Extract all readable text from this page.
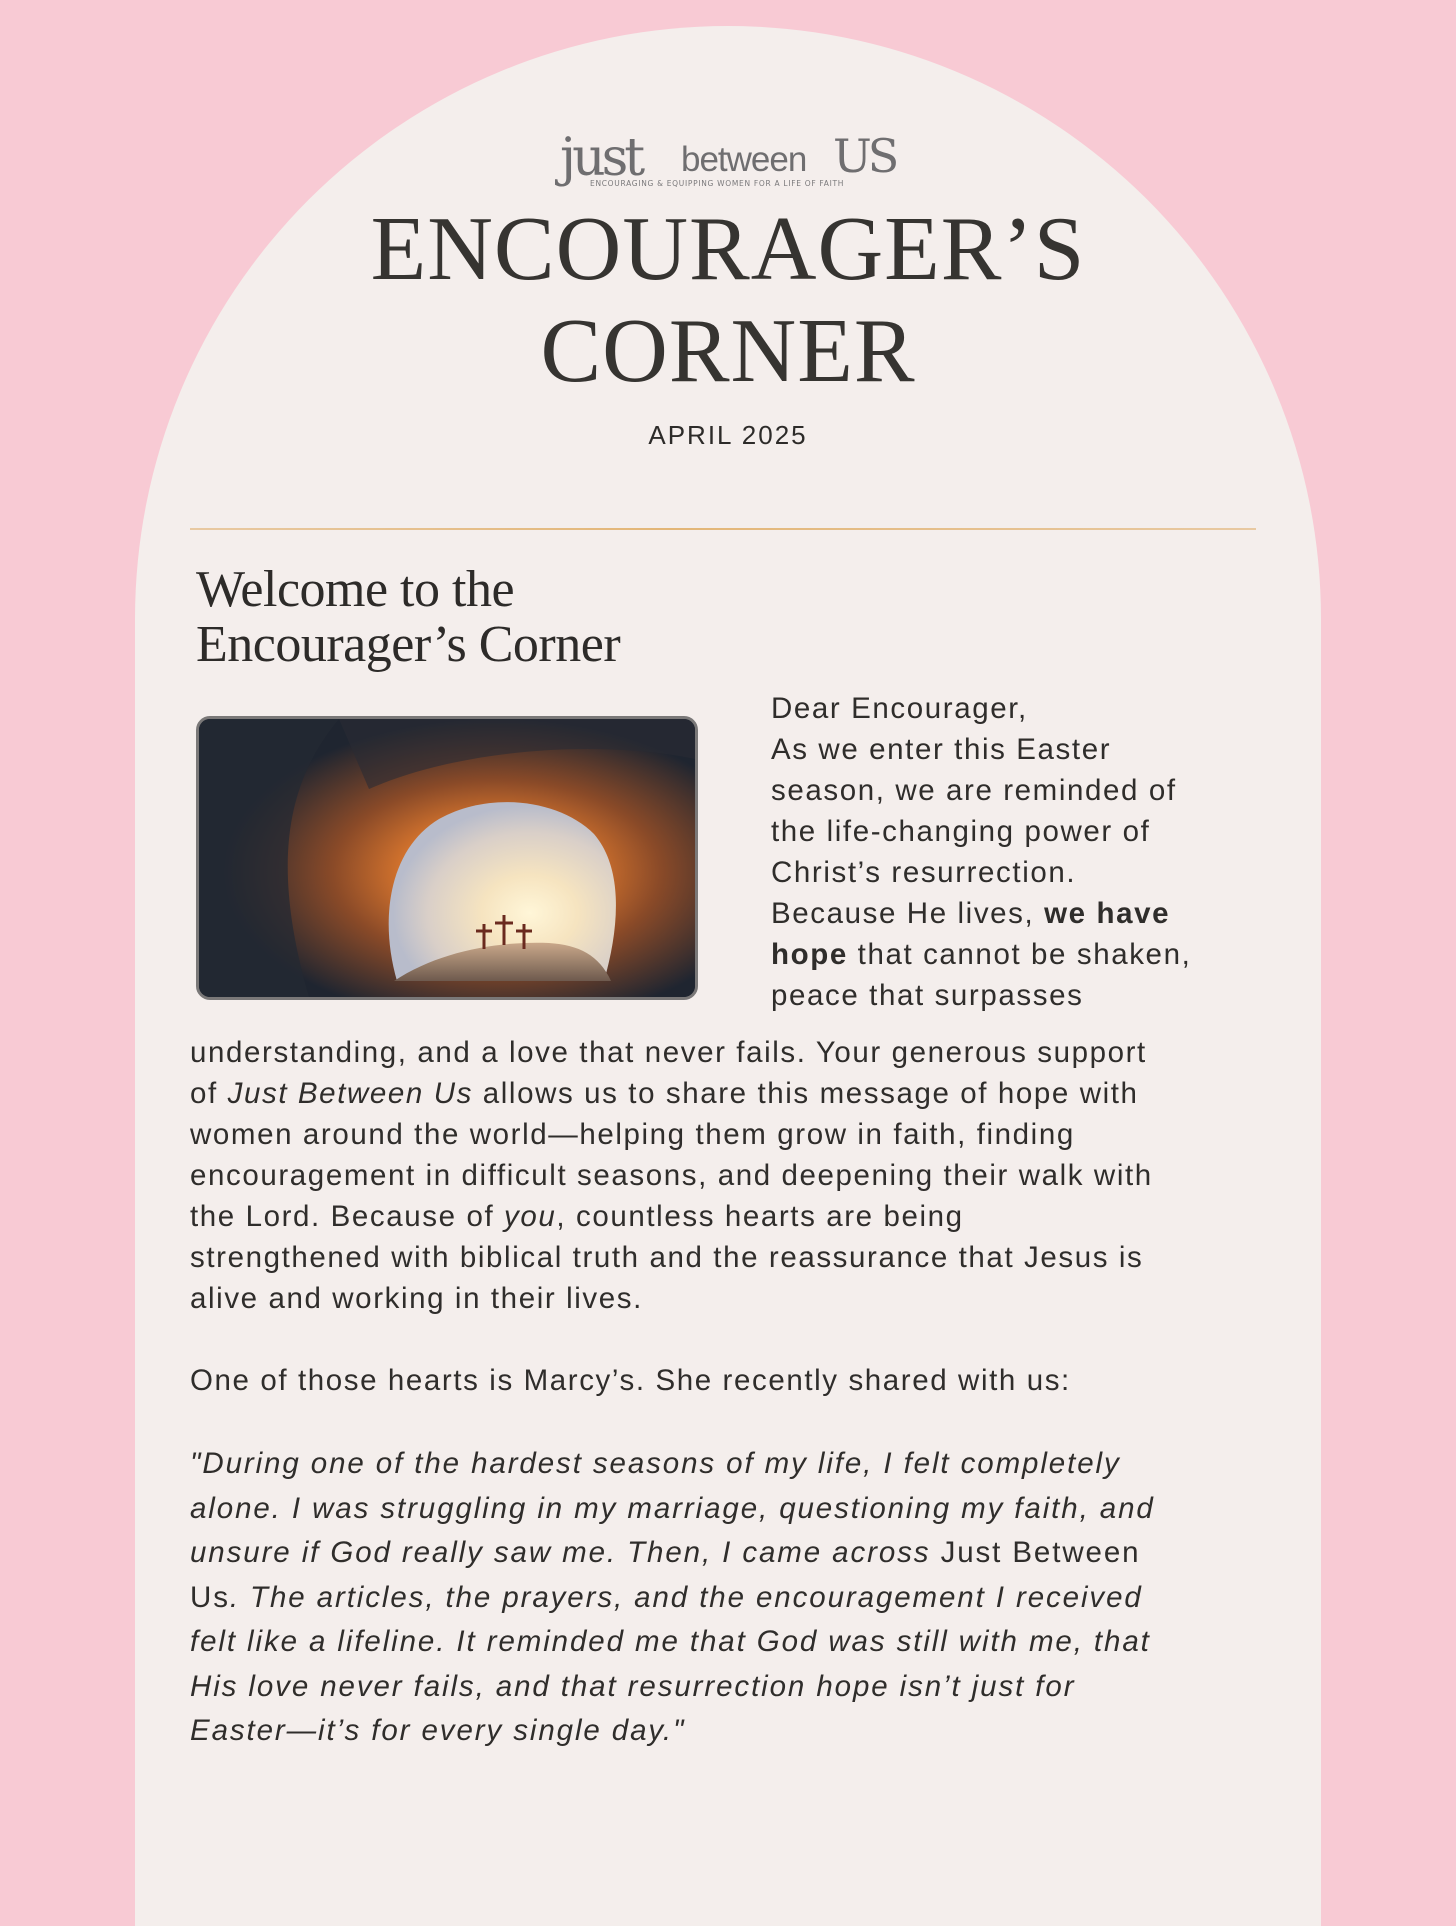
just between US
ENCOURAGING & EQUIPPING WOMEN FOR A LIFE OF FAITH
ENCOURAGER’S
CORNER
APRIL 2025
Welcome to the
Encourager’s Corner

Dear Encourager,

As we enter this Easter

season, we are reminded of

the life-changing power of

Christ’s resurrection.

Because He lives, we have

hope that cannot be shaken,

peace that surpasses

understanding, and a love that never fails. Your generous support
of Just Between Us allows us to share this message of hope with
women around the world—helping them grow in faith, finding
encouragement in difficult seasons, and deepening their walk with
the Lord. Because of you, countless hearts are being
strengthened with biblical truth and the reassurance that Jesus is
alive and working in their lives.
One of those hearts is Marcy’s. She recently shared with us:
"During one of the hardest seasons of my life, I felt completely
alone. I was struggling in my marriage, questioning my faith, and
unsure if God really saw me. Then, I came across Just Between
Us. The articles, the prayers, and the encouragement I received
felt like a lifeline. It reminded me that God was still with me, that
His love never fails, and that resurrection hope isn’t just for
Easter—it’s for every single day."
